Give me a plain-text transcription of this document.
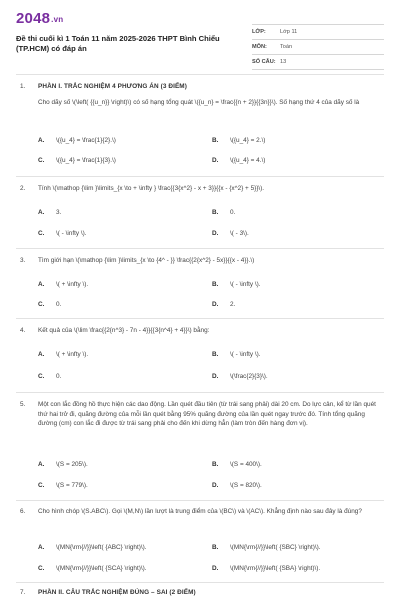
2048.vn
Đề thi cuối kì 1 Toán 11 năm 2025-2026 THPT Bình Chiểu (TP.HCM) có đáp án
LỚP:	Lớp 11
MÔN:	Toán
SỐ CÂU: 13
1.	PHẦN I. TRẮC NGHIỆM 4 PHƯƠNG ÁN (3 ĐIỂM)
Cho dãy số \(\left( {{u_n}} \right)\) có số hạng tổng quát \({u_n} = \frac{{n + 2}}{{3n}}\). Số hạng thứ 4 của dãy số là
A. \({u_4} = \frac{1}{2}.\)	B. \({u_4} = 2.\)
C. \({u_4} = \frac{1}{3}.\)	D. \({u_4} = 4.\)
2.	Tính \(\mathop {\lim }\limits_{x \to + \infty } \frac{{3{x^2} - x + 3}}{{x - {x^2} + 5}}\).
A. 3.	B. 0.
C. \( - \infty \).	D. \( - 3\).
3.	Tìm giới hạn \(\mathop {\lim }\limits_{x \to {4^ - }} \frac{{2{x^2} - 5x}}{{x - 4}}.\)
A. \( + \infty \).	B. \( - \infty \).
C. 0.	D. 2.
4.	Kết quả của \(\lim \frac{{2{n^3} - 7n - 4}}{{3{n^4} + 4}}\) bằng:
A. \( + \infty \).	B. \( - \infty \).
C. 0.	D. \(\frac{2}{3}\).
5.	Một con lắc đồng hồ thực hiện các dao động. Lần quét đầu tiên (từ trái sang phải) dài 20 cm. Do lực cản, kể từ lần quét thứ hai trở đi, quãng đường của mỗi lần quét bằng 95% quãng đường của lần quét ngay trước đó. Tính tổng quãng đường (cm) con lắc đi được từ trái sang phải cho đến khi dừng hẳn (làm tròn đến hàng đơn vị).
A. \(S = 205\).	B. \(S = 400\).
C. \(S = 779\).	D. \(S = 820\).
6.	Cho hình chóp \(S.ABC\). Gọi \(M,N\) lần lượt là trung điểm của \(BC\) và \(AC\). Khẳng định nào sau đây là đúng?
A. \(MN{\rm{//}}\left( {ABC} \right)\).	B. \(MN{\rm{//}}\left( {SBC} \right)\).
C. \(MN{\rm{//}}\left( {SCA} \right)\).	D. \(MN{\rm{//}}\left( {SBA} \right)\).
7.	PHẦN II. CÂU TRẮC NGHIỆM ĐÚNG – SAI (2 ĐIỂM)
